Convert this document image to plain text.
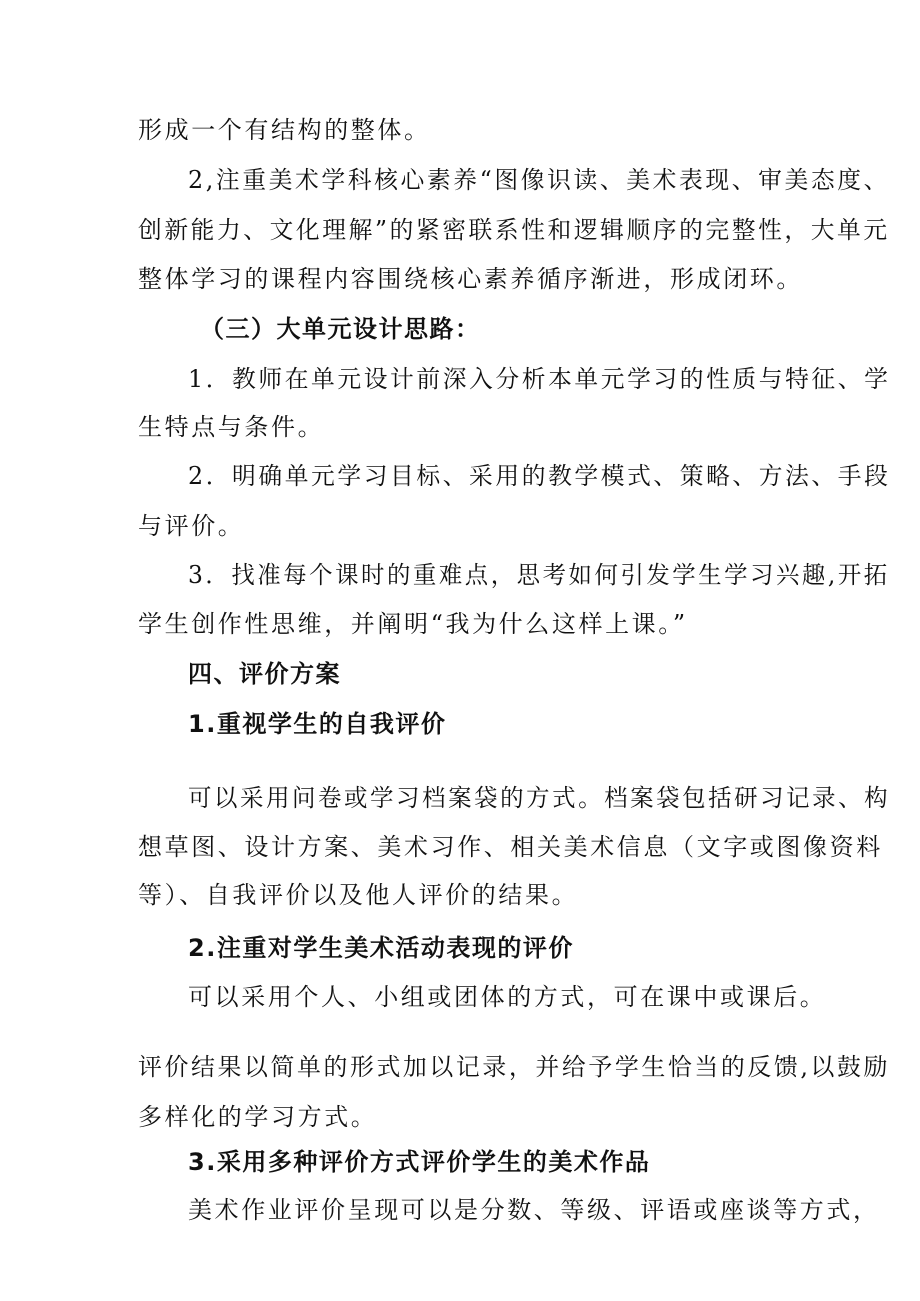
形成一个有结构的整体。

2,注重美术学科核心素养“图像识读、美术表现、审美态度、

创新能力、文化理解”的紧密联系性和逻辑顺序的完整性，大单元

整体学习的课程内容围绕核心素养循序渐进，形成闭环。

（三）大单元设计思路：

1．教师在单元设计前深入分析本单元学习的性质与特征、学

生特点与条件。

2．明确单元学习目标、采用的教学模式、策略、方法、手段

与评价。

3．找准每个课时的重难点，思考如何引发学生学习兴趣,开拓

学生创作性思维，并阐明“我为什么这样上课。”

四、评价方案

1.重视学生的自我评价

可以采用问卷或学习档案袋的方式。档案袋包括研习记录、构

想草图、设计方案、美术习作、相关美术信息（文字或图像资料

等）、自我评价以及他人评价的结果。

2.注重对学生美术活动表现的评价

可以采用个人、小组或团体的方式，可在课中或课后。

评价结果以简单的形式加以记录，并给予学生恰当的反馈,以鼓励

多样化的学习方式。

3.采用多种评价方式评价学生的美术作品

美术作业评价呈现可以是分数、等级、评语或座谈等方式，
